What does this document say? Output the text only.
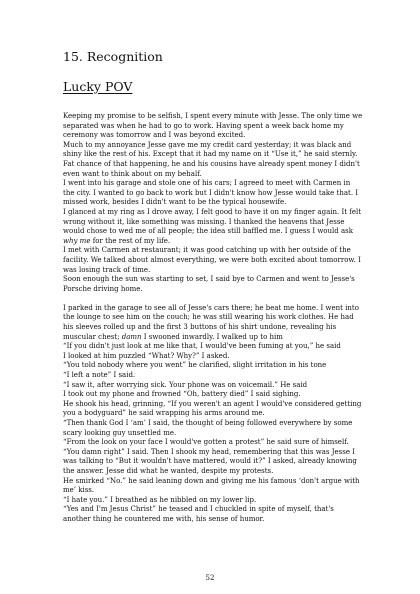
15. Recognition
Lucky POV

Keeping my promise to be selfish, I spent every minute with Jesse. The only time we separated was when he had to go to work. Having spent a week back home my ceremony was tomorrow and I was beyond excited.

Much to my annoyance Jesse gave me my credit card yesterday; it was black and shiny like the rest of his. Except that it had my name on it “Use it,” he said sternly. Fat chance of that happening, he and his cousins have already spent money I didn't even want to think about on my behalf.

I went into his garage and stole one of his cars; I agreed to meet with Carmen in the city. I wanted to go back to work but I didn't know how Jesse would take that. I missed work, besides I didn't want to be the typical housewife.

I glanced at my ring as I drove away, I felt good to have it on my finger again. It felt wrong without it, like something was missing. I thanked the heavens that Jesse would chose to wed me of all people; the idea still baffled me. I guess I would ask why me for the rest of my life.

I met with Carmen at restaurant; it was good catching up with her outside of the facility. We talked about almost everything, we were both excited about tomorrow. I was losing track of time.

Soon enough the sun was starting to set, I said bye to Carmen and went to Jesse's Porsche driving home.

I parked in the garage to see all of Jesse's cars there; he beat me home. I went into the lounge to see him on the couch; he was still wearing his work clothes. He had his sleeves rolled up and the first 3 buttons of his shirt undone, revealing his muscular chest; damn I swooned inwardly. I walked up to him

“If you didn't just look at me like that, I would've been fuming at you,” he said

I looked at him puzzled “What? Why?” I asked.

“You told nobody where you went” he clarified, slight irritation in his tone

“I left a note” I said.

“I saw it, after worrying sick. Your phone was on voicemail.” He said

I took out my phone and frowned “Oh, battery died” I said sighing.

He shook his head, grinning, “If you weren't an agent I would've considered getting you a bodyguard” he said wrapping his arms around me.

“Then thank God I ‘am’ I said, the thought of being followed everywhere by some scary looking guy unsettled me.

“From the look on your face I would've gotten a protest” he said sure of himself.

“You damn right” I said. Then I shook my head, remembering that this was Jesse I was talking to “But it wouldn't have mattered, would it?” I asked, already knowing the answer. Jesse did what he wanted, despite my protests.

He smirked “No.” he said leaning down and giving me his famous ‘don't argue with me’ kiss.

“I hate you.” I breathed as he nibbled on my lower lip.

“Yes and I'm Jesus Christ” he teased and I chuckled in spite of myself, that's another thing he countered me with, his sense of humor.

52
